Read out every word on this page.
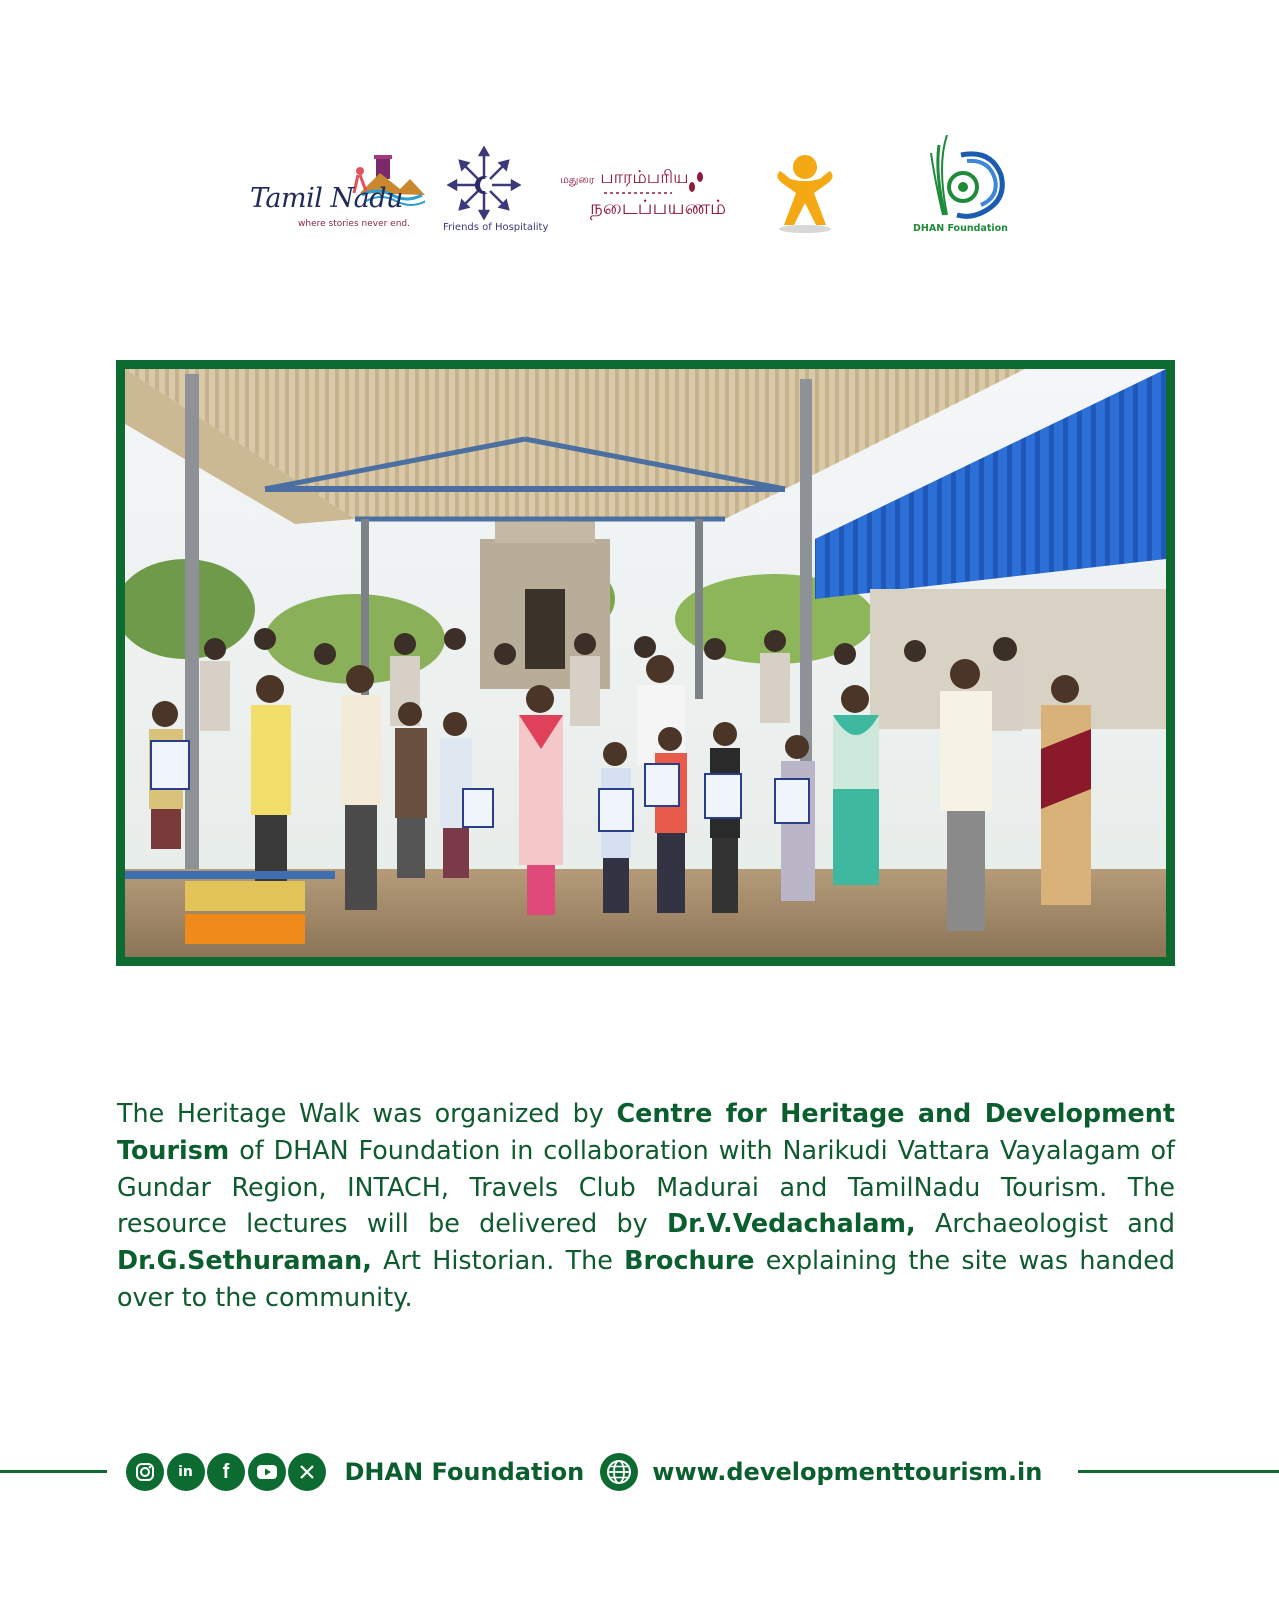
Tamil Nadu
where stories never end.	Friends of Hospitality
மதுரை பாரம்பரிய
நடைப்பயணம்
DHAN Foundation

The Heritage Walk was organized by Centre for Heritage and Development Tourism of DHAN Foundation in collaboration with Narikudi Vattara Vayalagam of Gundar Region, INTACH, Travels Club Madurai and TamilNadu Tourism. The resource lectures will be delivered by Dr.V.Vedachalam, Archaeologist and Dr.G.Sethuraman, Art Historian. The Brochure explaining the site was handed over to the community.

in f	DHAN Foundation	www.developmenttourism.in
